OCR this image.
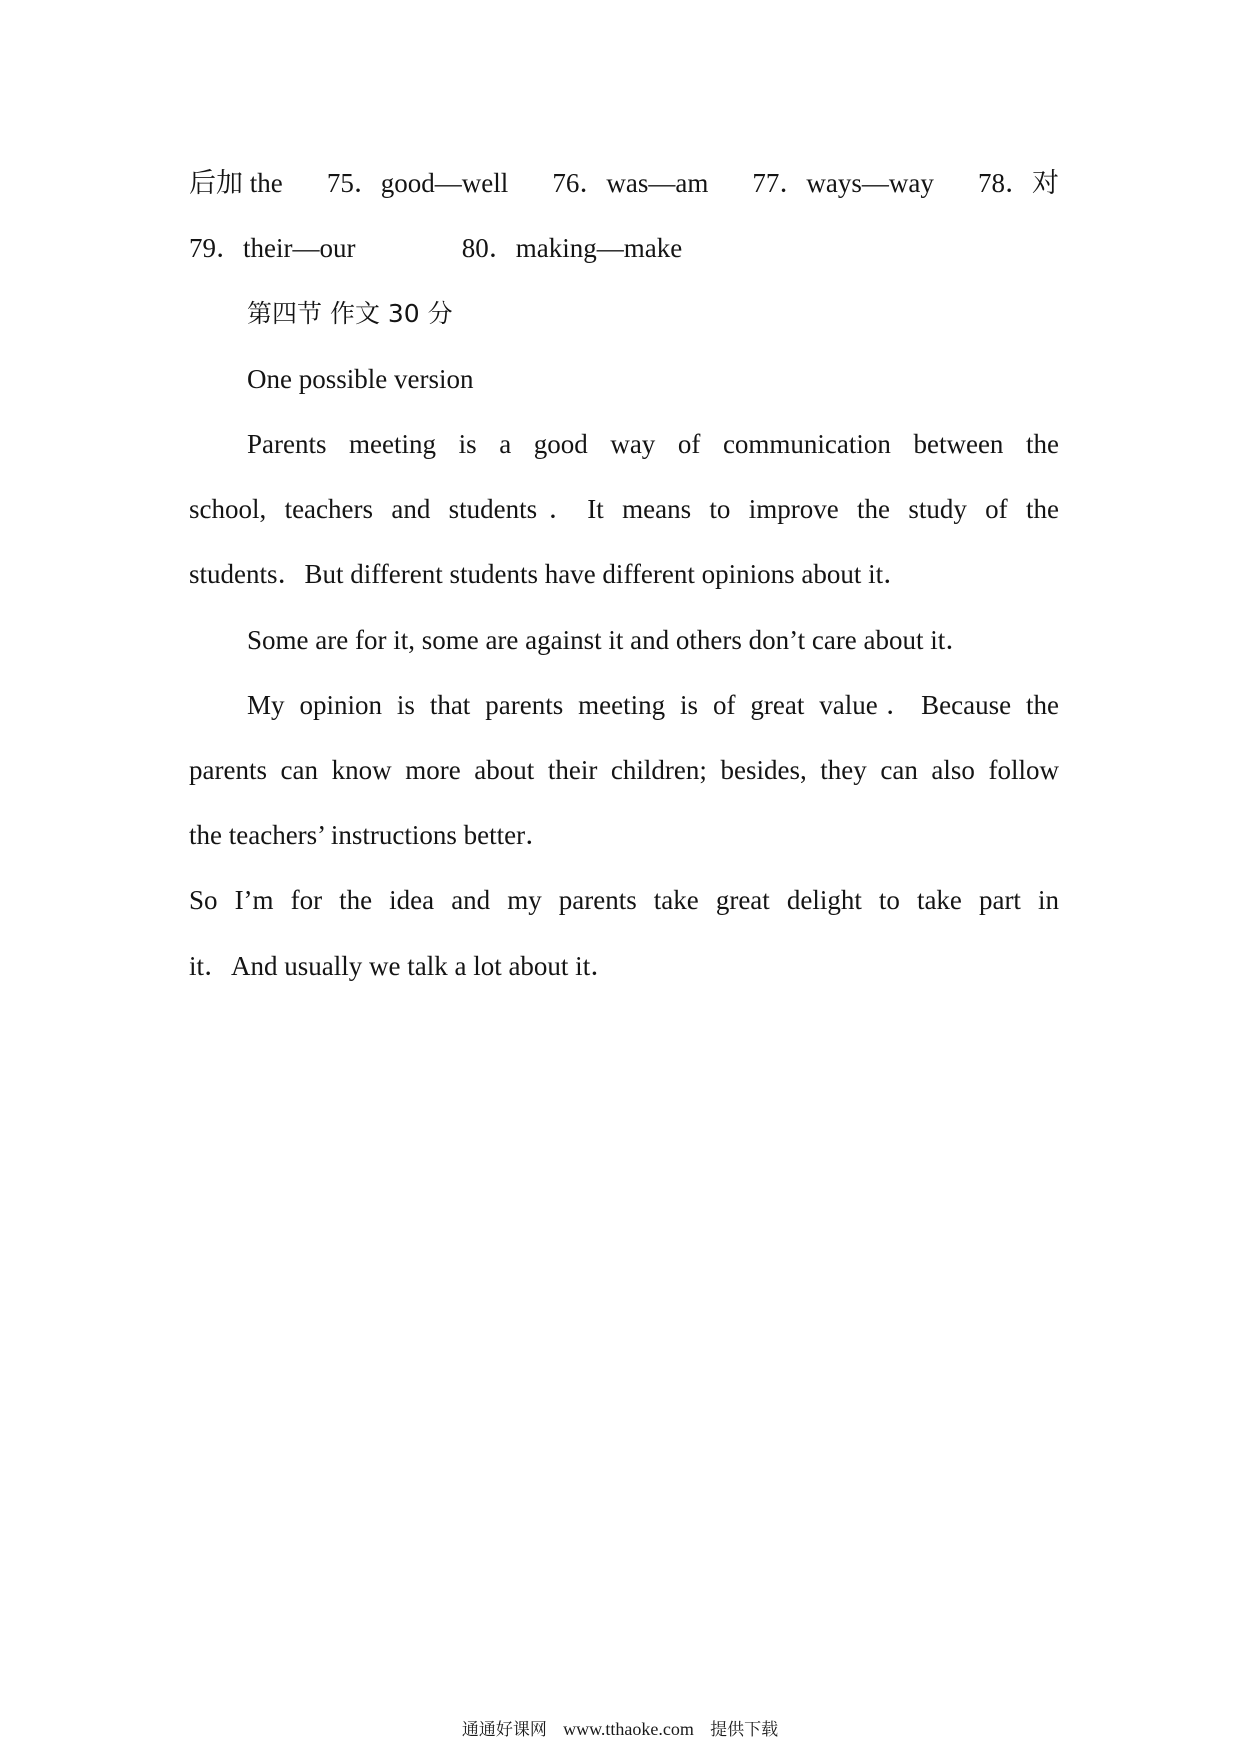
后加 the 75．good—well 76．was—am 77．ways—way 78．对
79．their—our	80．making—make
第四节 作文 30 分
One possible version
Parents meeting is a good way of communication between the
school, teachers and students．It means to improve the study of the
students．But different students have different opinions about it．
Some are for it, some are against it and others don’t care about it．
My opinion is that parents meeting is of great value．Because the
parents can know more about their children; besides, they can also follow
the teachers’ instructions better．
So I’m for the idea and my parents take great delight to take part in
it．And usually we talk a lot about it．
通通好课网 www.tthaoke.com 提供下载
